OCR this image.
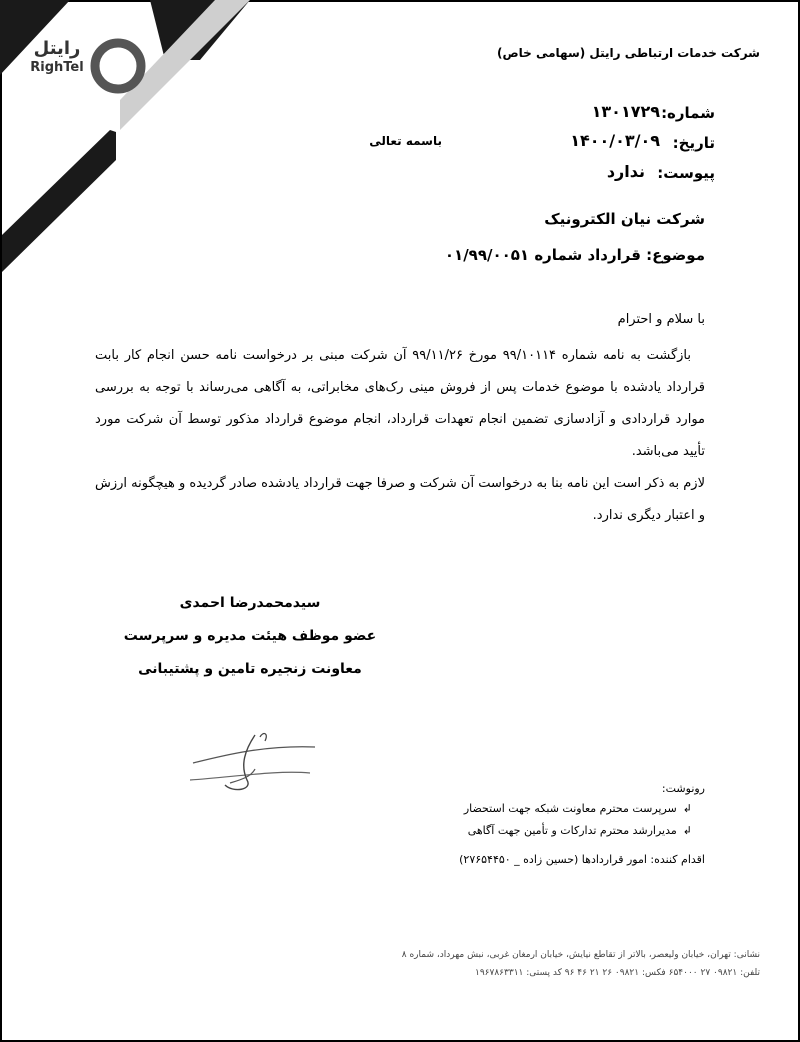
رایتل
RighTel
شرکت خدمات ارتباطی رایتل (سهامی خاص)
شماره:
۱۳۰۱۷۲۹
تاریخ:
۱۴۰۰/۰۳/۰۹
پیوست:
ندارد
باسمه تعالی
شرکت نیان الکترونیک
موضوع: قرارداد شماره ۰۱/۹۹/۰۰۵۱
با سلام و احترام

بازگشت به نامه شماره ۹۹/۱۰۱۱۴ مورخ ۹۹/۱۱/۲۶ آن شرکت مبنی بر درخواست نامه حسن انجام کار بابت قرارداد یادشده با موضوع خدمات پس از فروش مینی رک‌های مخابراتی، به آگاهی می‌رساند با توجه به بررسی موارد قراردادی و آزادسازی تضمین انجام تعهدات قرارداد، انجام موضوع قرارداد مذکور توسط آن شرکت مورد تأیید می‌باشد.

لازم به ذکر است این نامه بنا به درخواست آن شرکت و صرفا جهت قرارداد یادشده صادر گردیده و هیچگونه ارزش و اعتبار دیگری ندارد.

سیدمحمدرضا احمدی
عضو موظف هیئت مدیره و سرپرست
معاونت زنجیره تامین و پشتیبانی
رونوشت:
↲سرپرست محترم معاونت شبکه جهت استحضار
↲مدیرارشد محترم تدارکات و تأمین جهت آگاهی
اقدام کننده: امور قراردادها (حسین زاده _ ۲۷۶۵۴۴۵۰)
نشانی: تهران، خیابان ولیعصر، بالاتر از تقاطع نیایش، خیابان ارمغان غربی، نبش مهرداد، شماره ۸
تلفن: ۰۹۸۲۱ ۲۷ ۶۵۴۰۰۰ فکس: ۰۹۸۲۱ ۲۶ ۲۱ ۴۶ ۹۶ کد پستی: ۱۹۶۷۸۶۳۳۱۱
